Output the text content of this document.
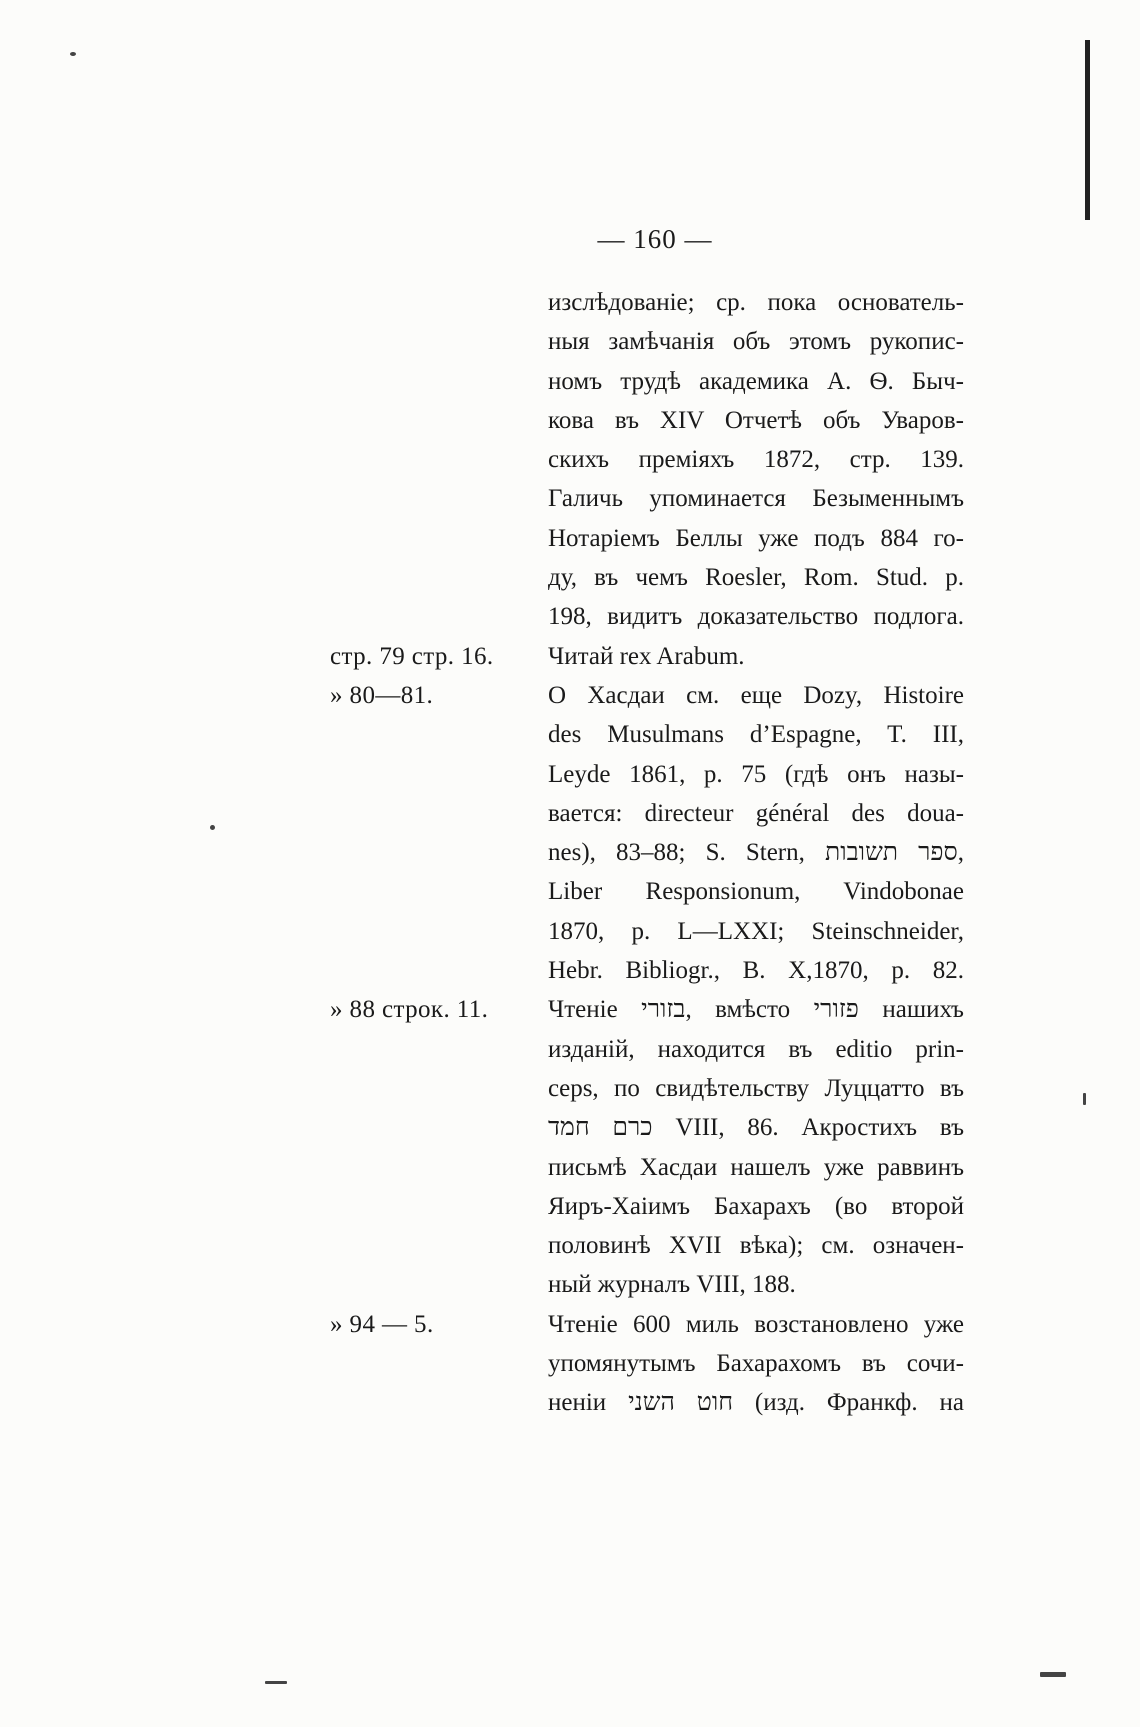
— 160 —
изслѣдованіе; ср. пока основатель-
ныя замѣчанія объ этомъ рукопис-
номъ трудѣ академика А. Ѳ. Быч-
кова въ XIV Отчетѣ объ Уваров-
скихъ преміяхъ 1872, стр. 139.
Галичь упоминается Безыменнымъ
Нотаріемъ Беллы уже подъ 884 го-
ду, въ чемъ Roesler, Rom. Stud. p.
198, видитъ доказательство подлога.
стр. 79 стр. 16.	Читай rex Arabum.
» 80—81.	О Хасдаи см. еще Dozy, Histoire
des Musulmans d’Espagne, T. III,
Leyde 1861, p. 75 (гдѣ онъ назы-
вается: directeur général des doua-
nes), 83–88; S. Stern, ספר תשובות,
Liber Responsionum, Vindobonae
1870, p. L—LXXI; Steinschneider,
Hebr. Bibliogr., B. X,1870, p. 82.
» 88 строк. 11.	Чтеніе בזורי, вмѣсто פזורי нашихъ
изданій, находится въ editio prin-
ceps, по свидѣтельству Луццатто въ
כרם חמד VIII, 86. Акростихъ въ
письмѣ Хасдаи нашелъ уже раввинъ
Яиръ-Хаіимъ Бахарахъ (во второй
половинѣ XVII вѣка); см. означен-
ный журналъ VIII, 188.
» 94 — 5.	Чтеніе 600 миль возстановлено уже
упомянутымъ Бахарахомъ въ сочи-
неніи חוט השני (изд. Франкф. на
